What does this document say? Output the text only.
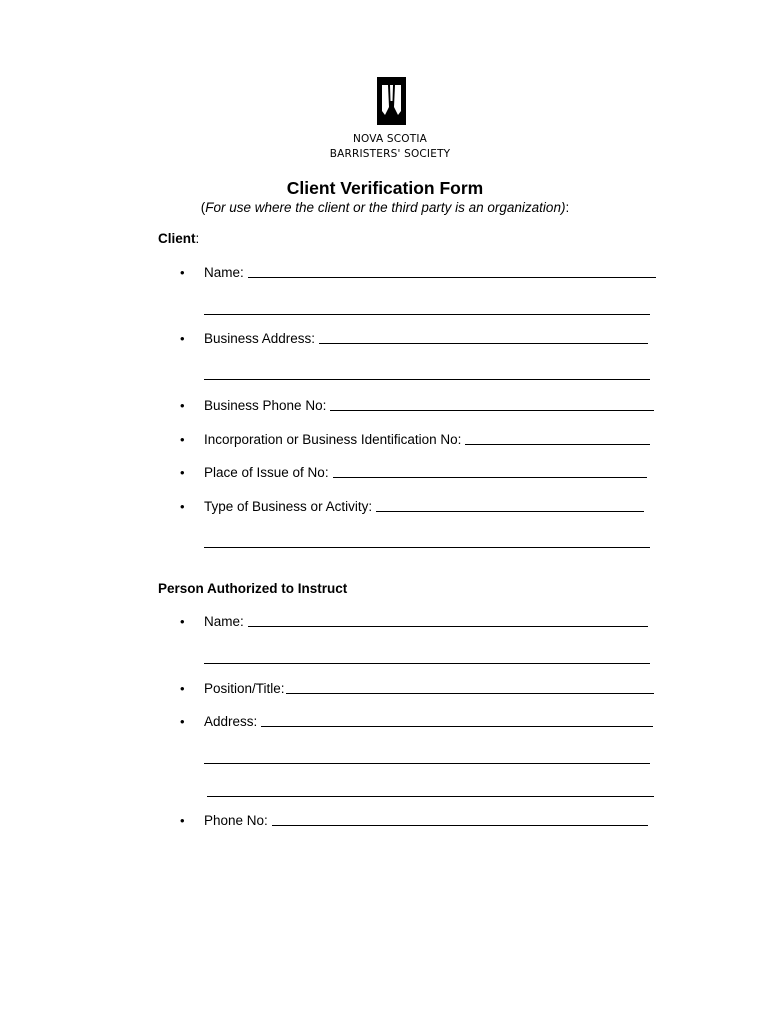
NOVA SCOTIA
BARRISTERS' SOCIETY
Client Verification Form
(For use where the client or the third party is an organization):
Client:
• Name:
• Business Address:
• Business Phone No:
• Incorporation or Business Identification No:
• Place of Issue of No:
• Type of Business or Activity:
Person Authorized to Instruct
• Name:
• Position/Title:
• Address:
• Phone No:
